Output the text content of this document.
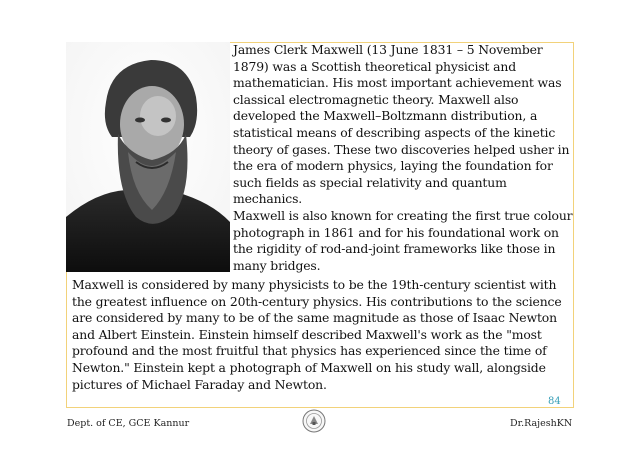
James Clerk Maxwell (13 June 1831 – 5 November 1879) was a Scottish theoretical physicist and mathematician. His most important achievement was classical electromagnetic theory. Maxwell also developed the Maxwell–Boltzmann distribution, a statistical means of describing aspects of the kinetic theory of gases. These two discoveries helped usher in the era of modern physics, laying the foundation for such fields as special relativity and quantum mechanics.

Maxwell is also known for creating the first true colour photograph in 1861 and for his foundational work on the rigidity of rod-and-joint frameworks like those in many bridges.

Maxwell is considered by many physicists to be the 19th-century scientist with the greatest influence on 20th-century physics. His contributions to the science are considered by many to be of the same magnitude as those of Isaac Newton and Albert Einstein. Einstein himself described Maxwell's work as the "most profound and the most fruitful that physics has experienced since the time of Newton." Einstein kept a photograph of Maxwell on his study wall, alongside pictures of Michael Faraday and Newton.

84
Dept. of CE, GCE Kannur	Dr.RajeshKN
